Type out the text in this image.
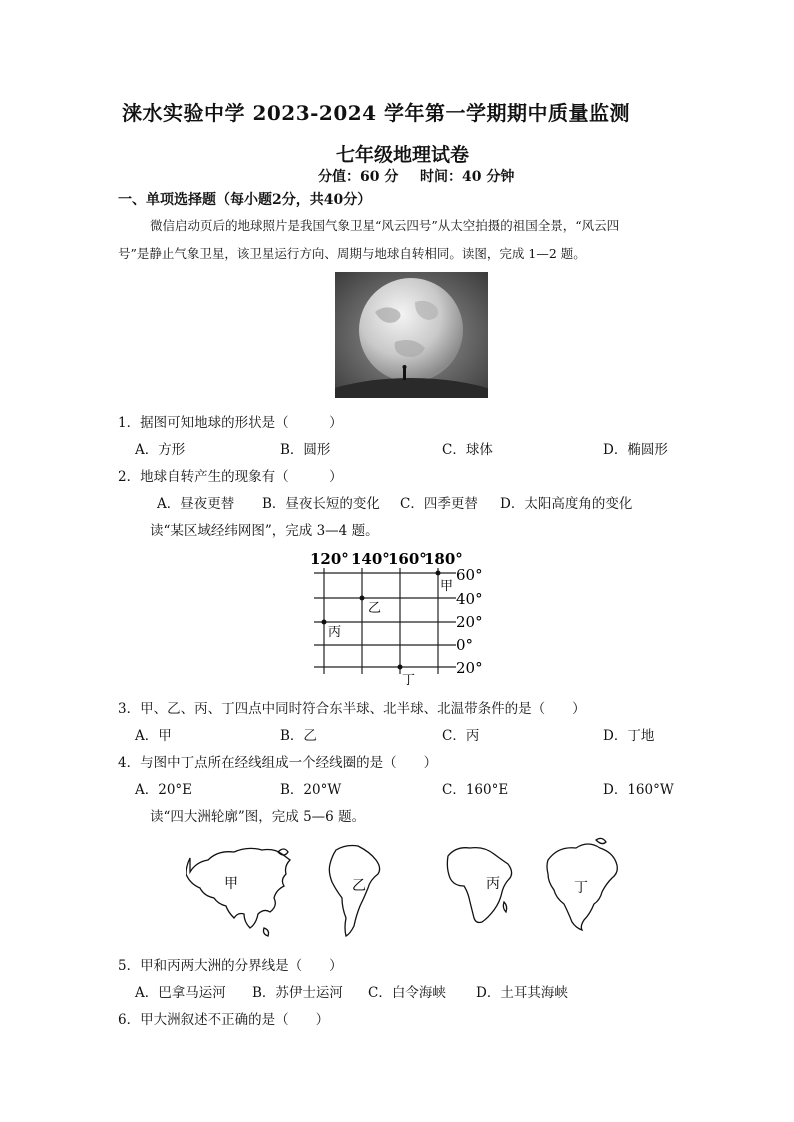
涞水实验中学 2023-2024 学年第一学期期中质量监测
七年级地理试卷
分值：60 分 时间：40 分钟
一、单项选择题（每小题2分，共40分）
微信启动页后的地球照片是我国气象卫星“风云四号”从太空拍摄的祖国全景，“风云四
号”是静止气象卫星，该卫星运行方向、周期与地球自转相同。读图，完成 1—2 题。
1．据图可知地球的形状是（　　　）
A．方形	B．圆形	C．球体	D．椭圆形
2．地球自转产生的现象有（　　　）
A．昼夜更替 B．昼夜长短的变化 C．四季更替 D．太阳高度角的变化
读“某区域经纬网图”，完成 3—4 题。
120° 140°
160°
180°
60°
40°
20°
0°
20°
甲
乙
丙
丁
3．甲、乙、丙、丁四点中同时符合东半球、北半球、北温带条件的是（　　）
A．甲	B．乙	C．丙	D．丁地
4．与图中丁点所在经线组成一个经线圈的是（　　）
A．20°E	B．20°W	C．160°E	D．160°W
读“四大洲轮廓”图，完成 5—6 题。
甲	乙	丙	丁
5．甲和丙两大洲的分界线是（　　）
A．巴拿马运河 B．苏伊士运河 C．白令海峡 D．土耳其海峡
6．甲大洲叙述不正确的是（　　）
